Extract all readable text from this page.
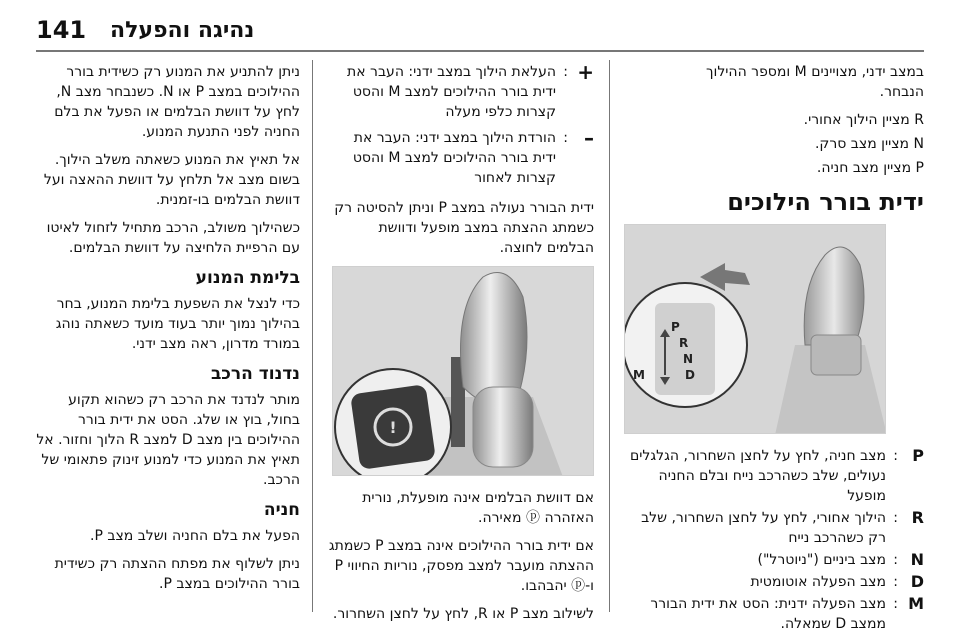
141 נהיגה והפעלה

במצב ידני, מצויינים M ומספר ההילוך
הנבחר.

R מציין הילוך אחורי.

N מציין מצב סרק.

P מציין מצב חניה.

ידית בורר הילוכים
P
R
N
D
M
P
:
מצב חניה, לחץ על לחצן השחרור, הגלגלים נעולים, שלב כשהרכב נייח ובלם החניה מופעל
R
:
הילוך אחורי, לחץ על לחצן השחרור, שלב רק כשהרכב נייח
N
:
מצב ביניים ("ניוטרל")
D
:
מצב הפעלה אוטומטית
M
:
מצב הפעלה ידנית: הסט את ידית הבורר ממצב D שמאלה.
+
:
העלאת הילוך במצב ידני: העבר את ידית בורר ההילוכים למצב M והסט קצרות כלפי מעלה
–
:
הורדת הילוך במצב ידני: העבר את ידית בורר ההילוכים למצב M והסט קצרות לאחור

ידית הבורר נעולה במצב P וניתן להסיטה רק כשמתג ההצתה במצב מופעל ודוושת הבלמים לחוצה.

!

אם דוושת הבלמים אינה מופעלת, נורית האזהרה ⓟ מאירה.

אם ידית בורר ההילוכים אינה במצב P כשמתג ההצתה מועבר למצב מפסק, נוריות החיווי P ו-ⓟ יהבהבו.

לשילוב מצב P או R, לחץ על לחצן השחרור.

ניתן להתניע את המנוע רק כשידית בורר ההילוכים במצב P או N. כשנבחר מצב N, לחץ על דוושת הבלמים או הפעל את בלם החניה לפני התנעת המנוע.

אל תאיץ את המנוע כשאתה משלב הילוך. בשום מצב אל תלחץ על דוושת ההאצה ועל דוושת הבלמים בו-זמנית.

כשהילוך משולב, הרכב מתחיל לזחול לאיטו עם הרפיית הלחיצה על דוושת הבלמים.

בלימת המנוע

כדי לנצל את השפעת בלימת המנוע, בחר בהילוך נמוך יותר בעוד מועד כשאתה נוהג במורד מדרון, ראה מצב ידני.

נדנוד הרכב

מותר לנדנד את הרכב רק כשהוא תקוע בחול, בוץ או שלג. הסט את ידית בורר ההילוכים בין מצב D למצב R הלוך וחזור. אל תאיץ את המנוע כדי למנוע זינוק פתאומי של הרכב.

חניה

הפעל את בלם החניה ושלב מצב P.

ניתן לשלוף את מפתח ההצתה רק כשידית בורר ההילוכים במצב P.
